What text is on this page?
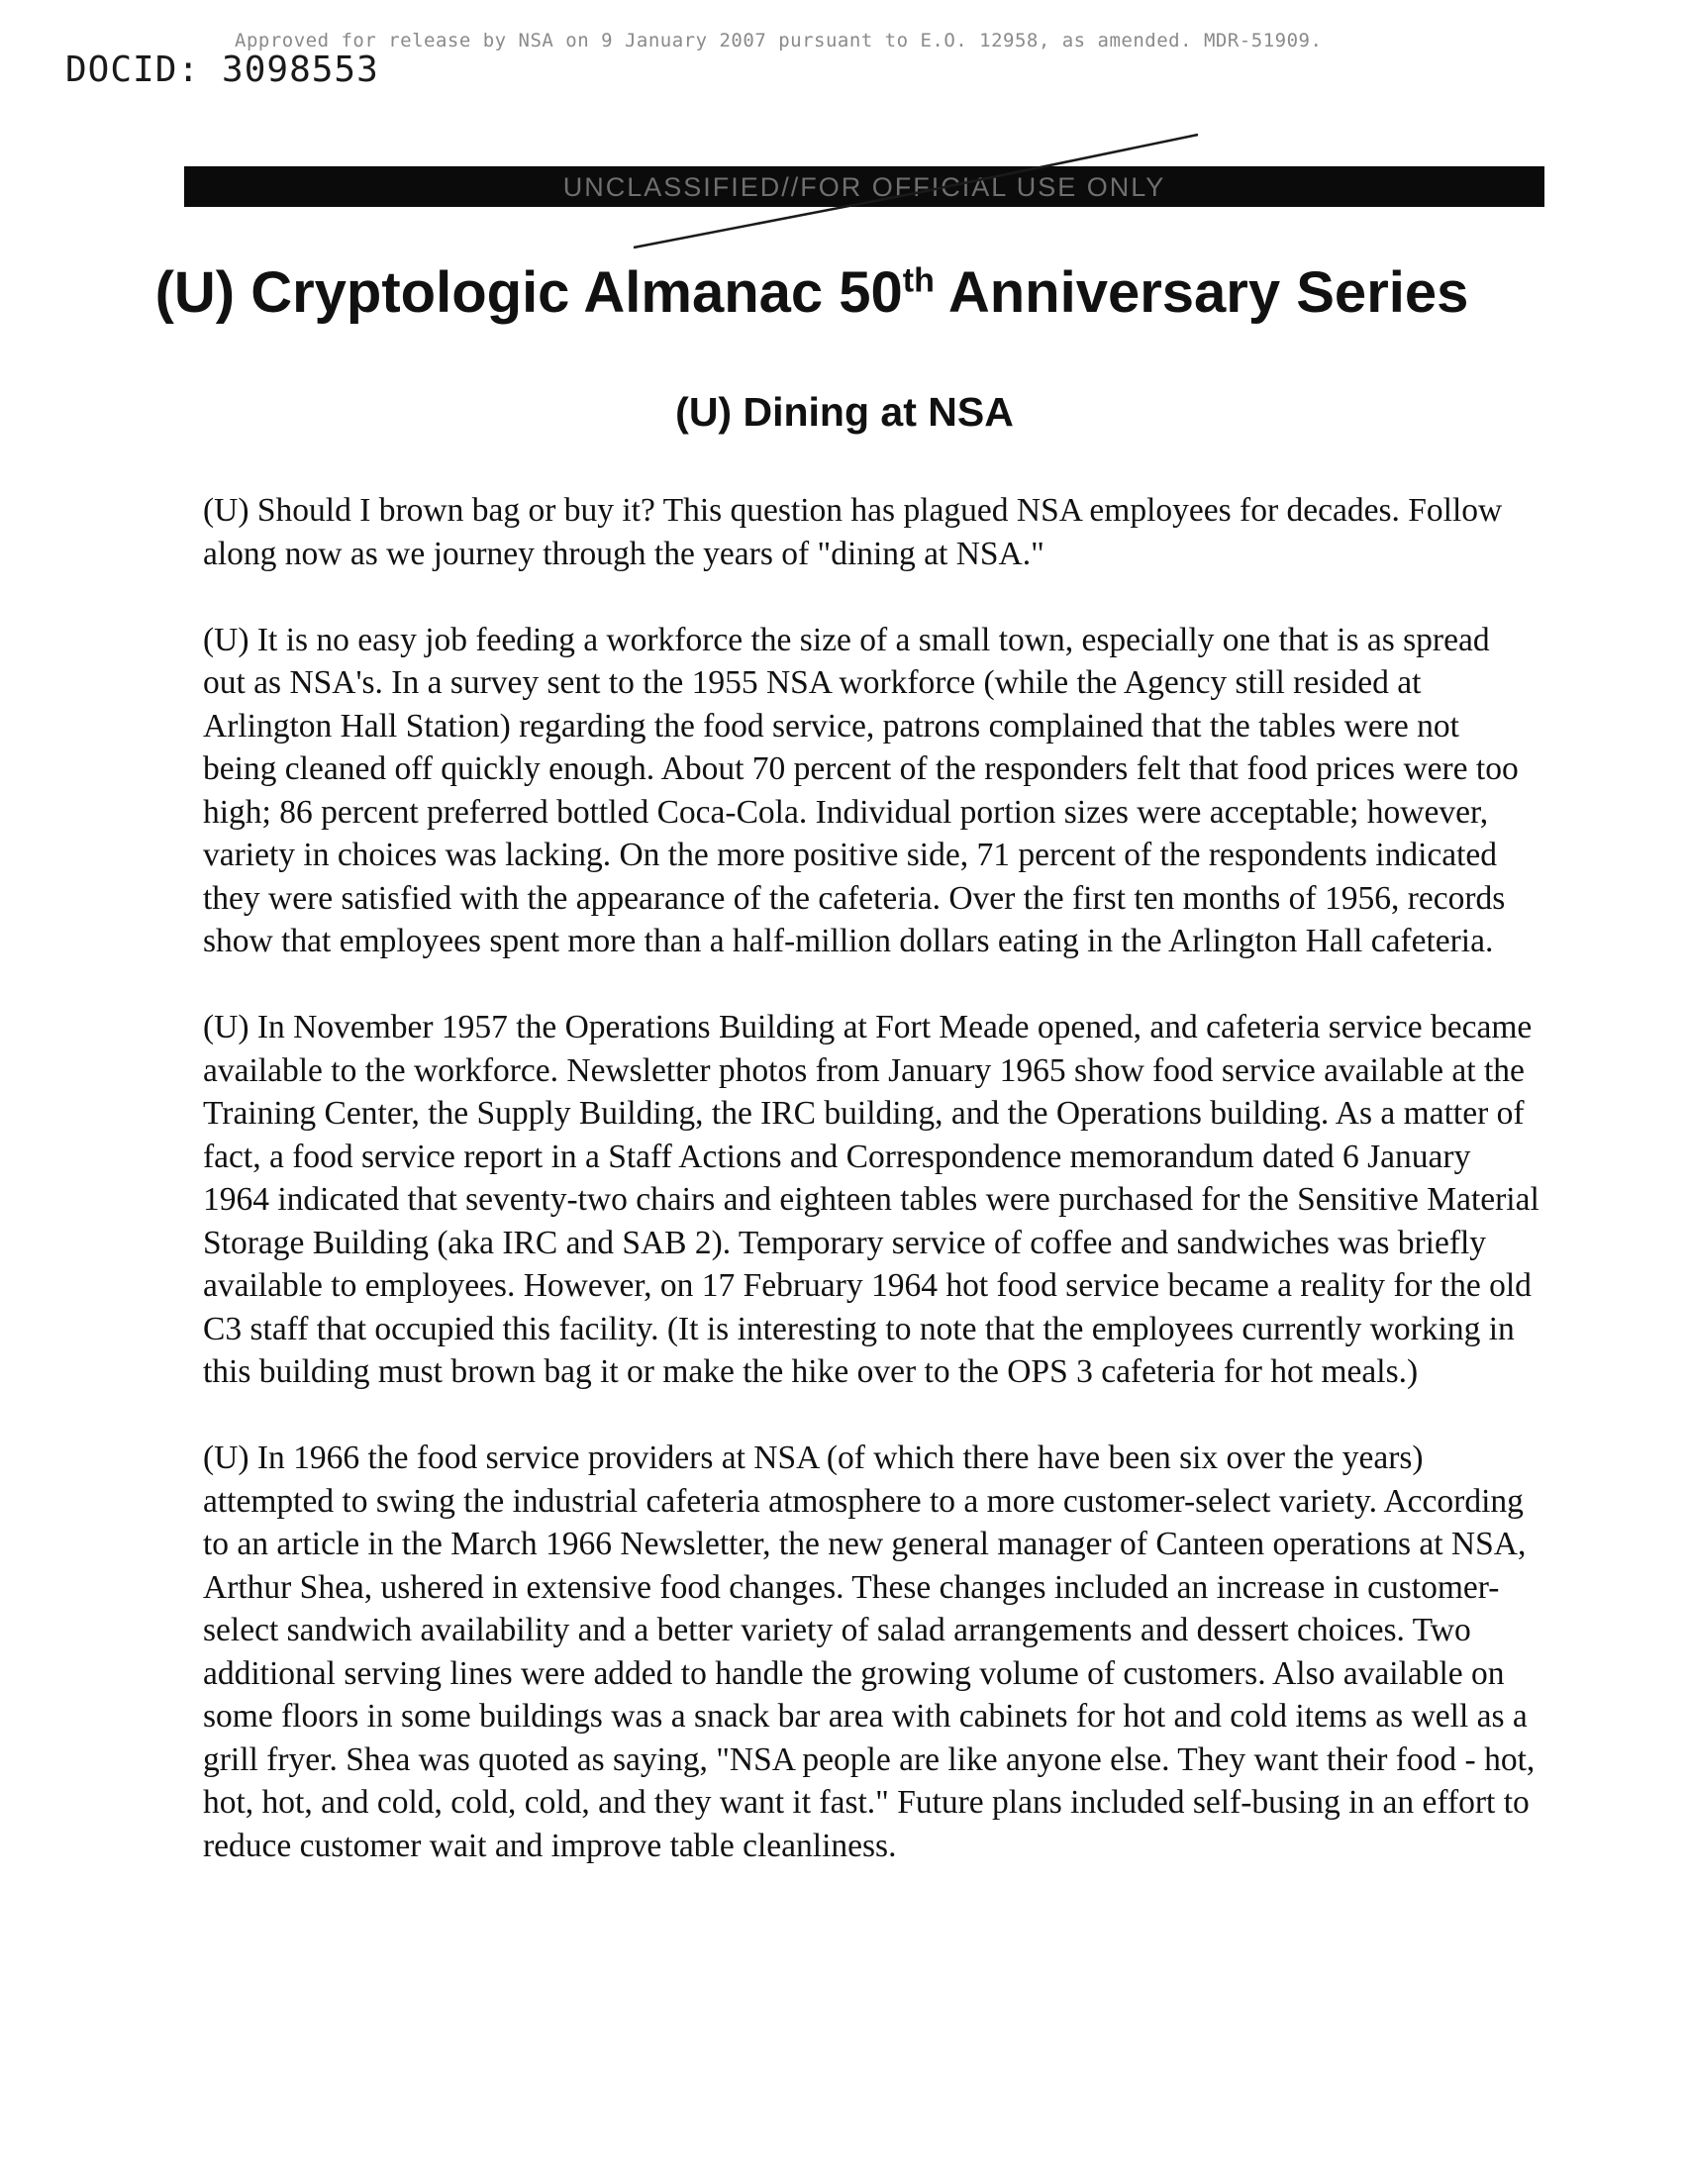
Approved for release by NSA on 9 January 2007 pursuant to E.O. 12958, as amended. MDR-51909.
DOCID: 3098553
UNCLASSIFIED//FOR OFFICIAL USE ONLY
(U) Cryptologic Almanac 50th Anniversary Series
(U) Dining at NSA

(U) Should I brown bag or buy it? This question has plagued NSA employees for decades. Follow along now as we journey through the years of "dining at NSA."

(U) It is no easy job feeding a workforce the size of a small town, especially one that is as spread out as NSA's. In a survey sent to the 1955 NSA workforce (while the Agency still resided at Arlington Hall Station) regarding the food service, patrons complained that the tables were not being cleaned off quickly enough. About 70 percent of the responders felt that food prices were too high; 86 percent preferred bottled Coca-Cola. Individual portion sizes were acceptable; however, variety in choices was lacking. On the more positive side, 71 percent of the respondents indicated they were satisfied with the appearance of the cafeteria. Over the first ten months of 1956, records show that employees spent more than a half-million dollars eating in the Arlington Hall cafeteria.

(U) In November 1957 the Operations Building at Fort Meade opened, and cafeteria service became available to the workforce. Newsletter photos from January 1965 show food service available at the Training Center, the Supply Building, the IRC building, and the Operations building. As a matter of fact, a food service report in a Staff Actions and Correspondence memorandum dated 6 January 1964 indicated that seventy-two chairs and eighteen tables were purchased for the Sensitive Material Storage Building (aka IRC and SAB 2). Temporary service of coffee and sandwiches was briefly available to employees. However, on 17 February 1964 hot food service became a reality for the old C3 staff that occupied this facility. (It is interesting to note that the employees currently working in this building must brown bag it or make the hike over to the OPS 3 cafeteria for hot meals.)

(U) In 1966 the food service providers at NSA (of which there have been six over the years) attempted to swing the industrial cafeteria atmosphere to a more customer-select variety. According to an article in the March 1966 Newsletter, the new general manager of Canteen operations at NSA, Arthur Shea, ushered in extensive food changes. These changes included an increase in customer-select sandwich availability and a better variety of salad arrangements and dessert choices. Two additional serving lines were added to handle the growing volume of customers. Also available on some floors in some buildings was a snack bar area with cabinets for hot and cold items as well as a grill fryer. Shea was quoted as saying, "NSA people are like anyone else. They want their food - hot, hot, hot, and cold, cold, cold, and they want it fast." Future plans included self-busing in an effort to reduce customer wait and improve table cleanliness.
